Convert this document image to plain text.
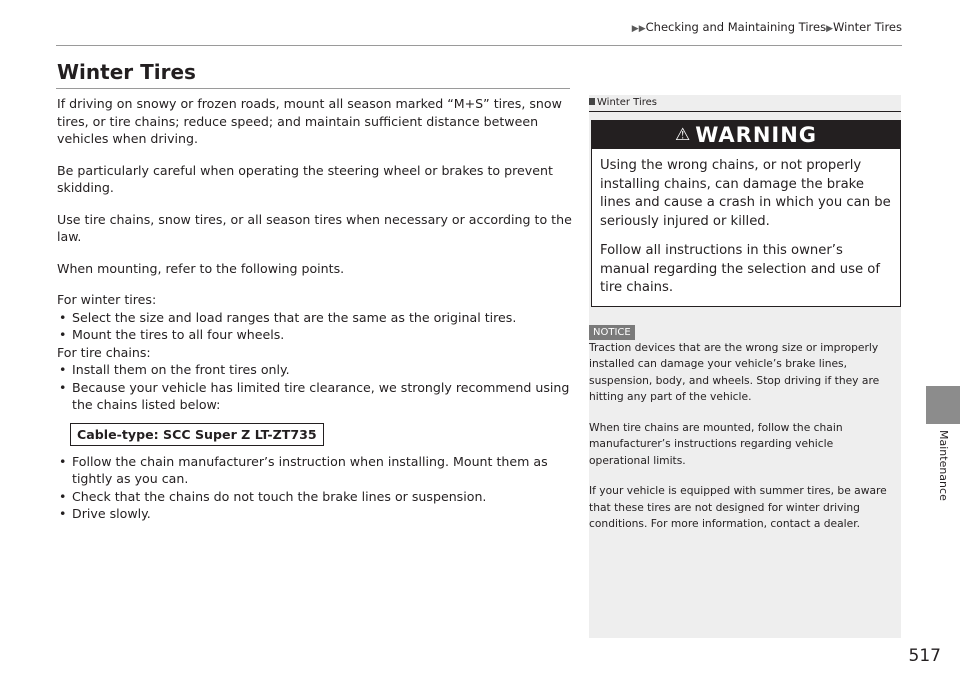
▶▶Checking and Maintaining Tires▶Winter Tires
Winter Tires

If driving on snowy or frozen roads, mount all season marked “M+S” tires, snow tires, or tire chains; reduce speed; and maintain sufficient distance between vehicles when driving.

Be particularly careful when operating the steering wheel or brakes to prevent skidding.

Use tire chains, snow tires, or all season tires when necessary or according to the law.

When mounting, refer to the following points.

For winter tires:

• Select the size and load ranges that are the same as the original tires.
• Mount the tires to all four wheels.

For tire chains:

• Install them on the front tires only.
• Because your vehicle has limited tire clearance, we strongly recommend using the chains listed below:
Cable-type: SCC Super Z LT-ZT735
• Follow the chain manufacturer’s instruction when installing. Mount them as tightly as you can.
• Check that the chains do not touch the brake lines or suspension.
• Drive slowly.
Winter Tires
⚠ WARNING

Using the wrong chains, or not properly installing chains, can damage the brake lines and cause a crash in which you can be seriously injured or killed.

Follow all instructions in this owner’s manual regarding the selection and use of tire chains.

NOTICE

Traction devices that are the wrong size or improperly installed can damage your vehicle’s brake lines, suspension, body, and wheels. Stop driving if they are hitting any part of the vehicle.

When tire chains are mounted, follow the chain manufacturer’s instructions regarding vehicle operational limits.

If your vehicle is equipped with summer tires, be aware that these tires are not designed for winter driving conditions. For more information, contact a dealer.

Maintenance
517
